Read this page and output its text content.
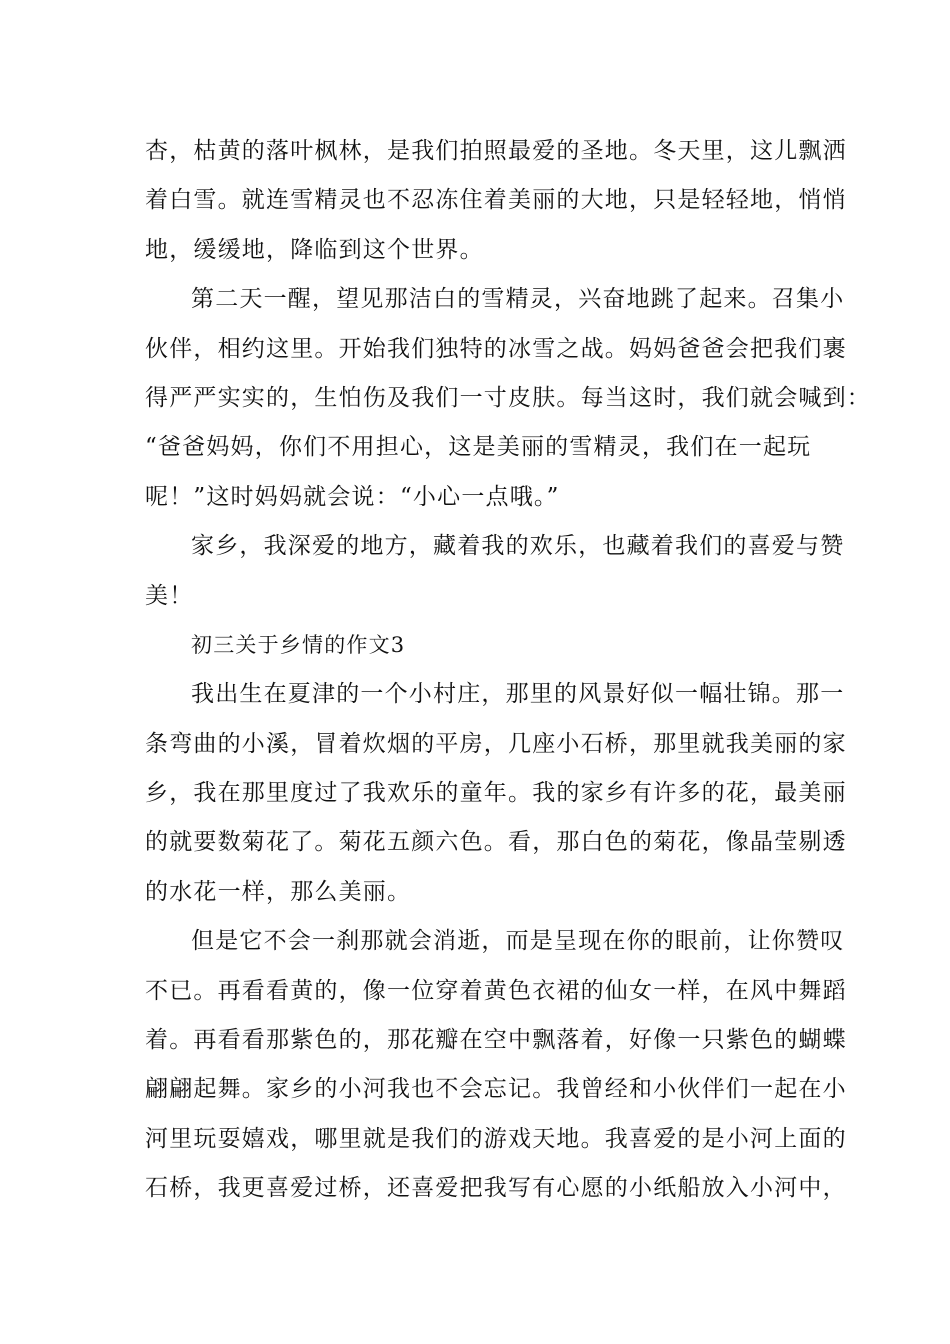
杏，枯黄的落叶枫林，是我们拍照最爱的圣地。冬天里，这儿飘洒
着白雪。就连雪精灵也不忍冻住着美丽的大地，只是轻轻地，悄悄
地，缓缓地，降临到这个世界。
第二天一醒，望见那洁白的雪精灵，兴奋地跳了起来。召集小
伙伴，相约这里。开始我们独特的冰雪之战。妈妈爸爸会把我们裹
得严严实实的，生怕伤及我们一寸皮肤。每当这时，我们就会喊到：
“爸爸妈妈，你们不用担心，这是美丽的雪精灵，我们在一起玩
呢！”这时妈妈就会说：“小心一点哦。”
家乡，我深爱的地方，藏着我的欢乐，也藏着我们的喜爱与赞
美！
初三关于乡情的作文3
我出生在夏津的一个小村庄，那里的风景好似一幅壮锦。那一
条弯曲的小溪，冒着炊烟的平房，几座小石桥，那里就我美丽的家
乡，我在那里度过了我欢乐的童年。我的家乡有许多的花，最美丽
的就要数菊花了。菊花五颜六色。看，那白色的菊花，像晶莹剔透
的水花一样，那么美丽。
但是它不会一刹那就会消逝，而是呈现在你的眼前，让你赞叹
不已。再看看黄的，像一位穿着黄色衣裙的仙女一样，在风中舞蹈
着。再看看那紫色的，那花瓣在空中飘落着，好像一只紫色的蝴蝶
翩翩起舞。家乡的小河我也不会忘记。我曾经和小伙伴们一起在小
河里玩耍嬉戏，哪里就是我们的游戏天地。我喜爱的是小河上面的
石桥，我更喜爱过桥，还喜爱把我写有心愿的小纸船放入小河中，
